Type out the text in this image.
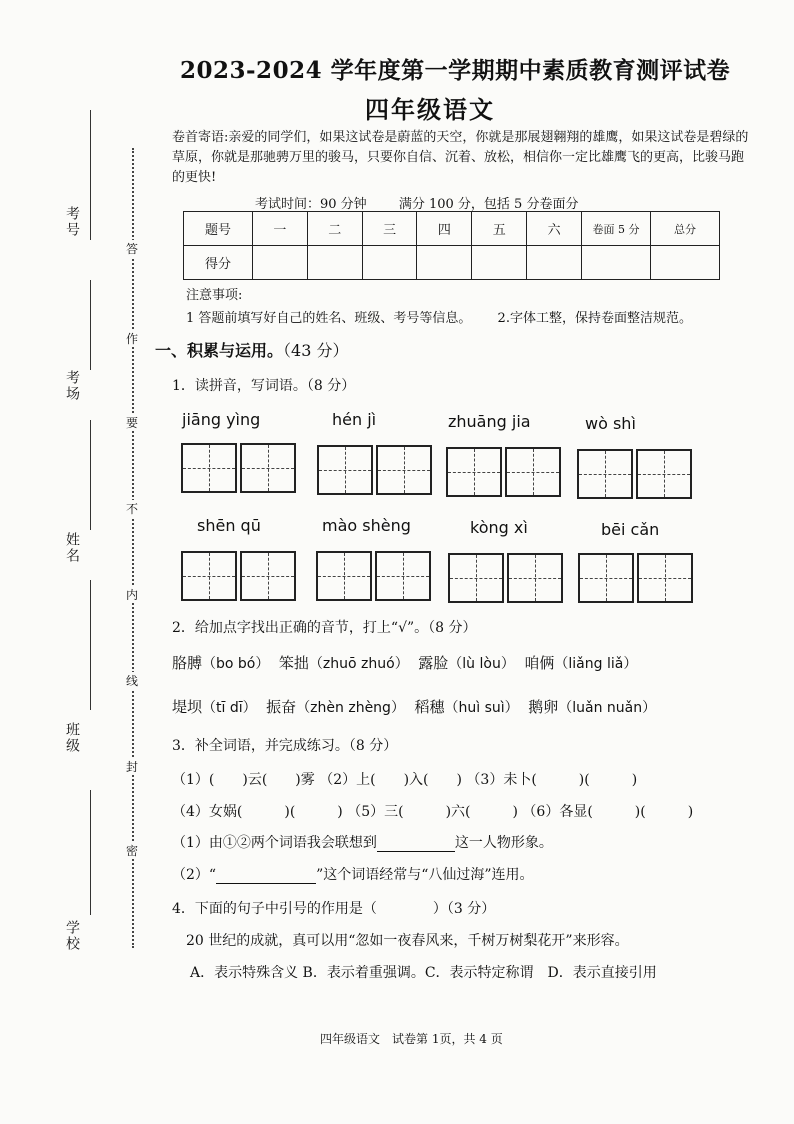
考号
考场
姓名
班级
学校
答
作
要
不
内
线
封
密
2023-2024 学年度第一学期期中素质教育测评试卷
四年级语文
卷首寄语:亲爱的同学们，如果这试卷是蔚蓝的天空，你就是那展翅翱翔的雄鹰，如果这试卷是碧绿的草原，你就是那驰骋万里的骏马，只要你自信、沉着、放松，相信你一定比雄鹰飞的更高，比骏马跑的更快!
考试时间：90 分钟 满分 100 分，包括 5 分卷面分
题号	一	二	三	四	五	六	卷面 5 分	总分
得分								
注意事项:
1 答题前填写好自己的姓名、班级、考号等信息。 2.字体工整，保持卷面整洁规范。
一、积累与运用。（43 分）
1．读拼音，写词语。（8 分）
jiāng yìng	hén jì	zhuāng jia	wò shì
shēn qū	mào shèng	kòng xì	bēi cǎn
2．给加点字找出正确的音节，打上“√”。（8 分）
胳膊（bo bó） 笨拙（zhuō zhuó） 露脸（lù lòu） 咱俩（liǎng liǎ）
堤坝（tī dī） 振奋（zhèn zhèng） 稻穗（huì suì） 鹅卵（luǎn nuǎn）
3．补全词语，并完成练习。（8 分）
（1）(　　)云(　　)雾 （2）上(　　)入(　　) （3）未卜(　　　)(　　　)
（4）女娲(　　　)(　　　) （5）三(　　　)六(　　　) （6）各显(　　　)(　　　)
（1）由①②两个词语我会联想到	这一人物形象。
（2）“	”这个词语经常与“八仙过海”连用。
4．下面的句子中引号的作用是（　　　　）（3 分）
20 世纪的成就，真可以用“忽如一夜春风来，千树万树梨花开”来形容。
A．表示特殊含义 B．表示着重强调。C．表示特定称谓　D．表示直接引用
四年级语文　试卷第 1页，共 4 页
